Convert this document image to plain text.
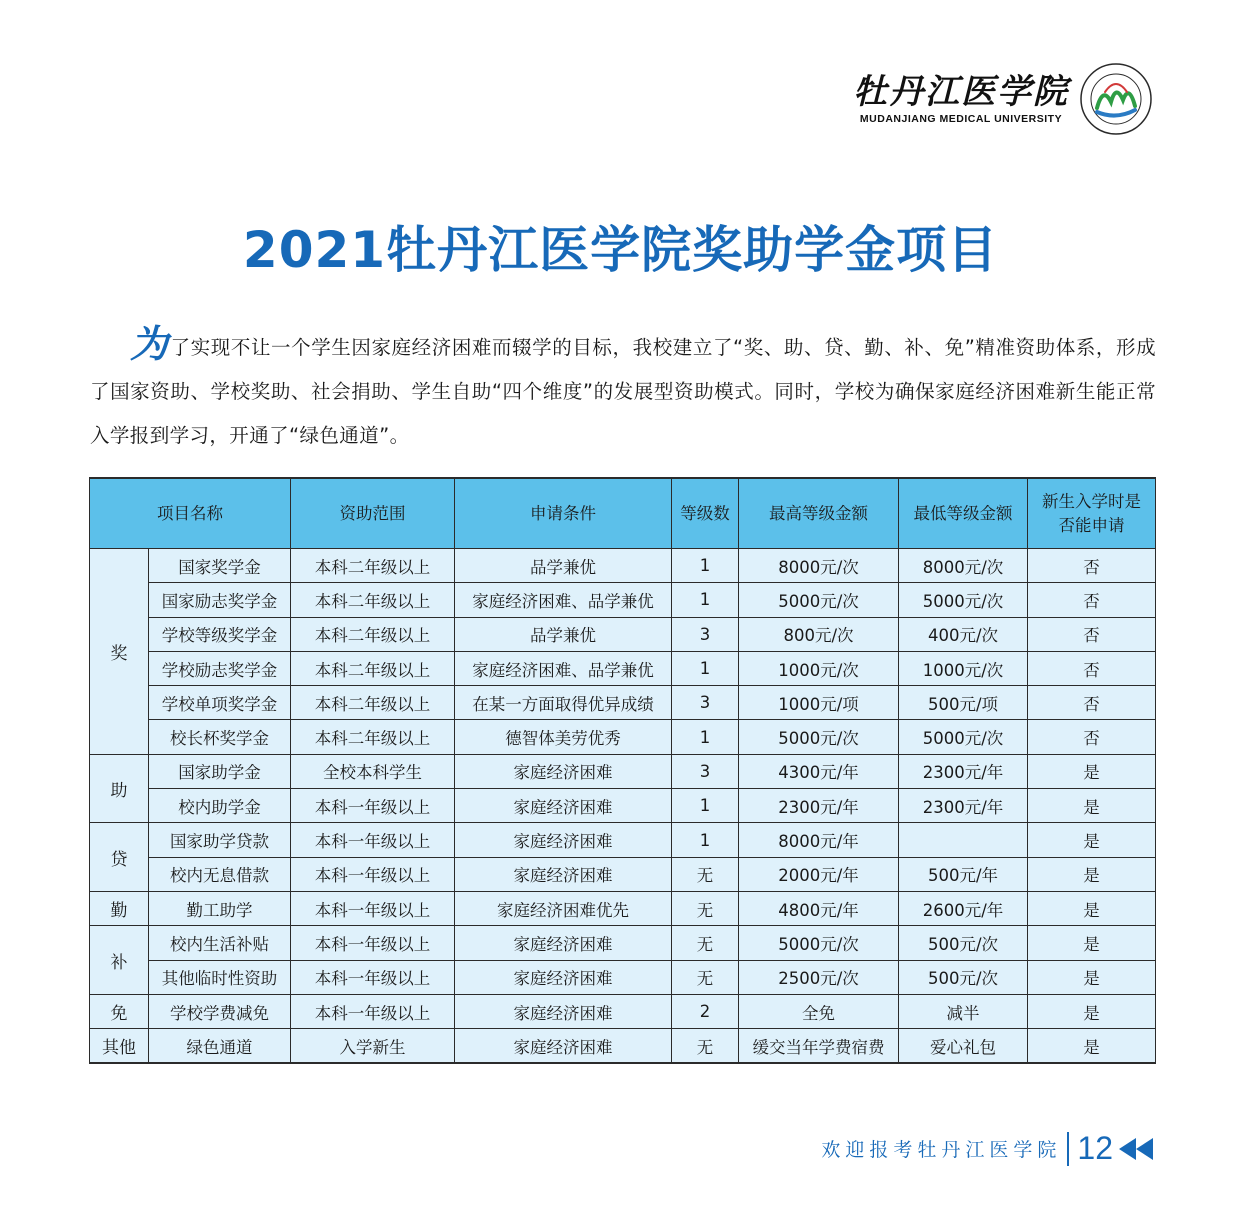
牡丹江医学院
MUDANJIANG MEDICAL UNIVERSITY
2021牡丹江医学院奖助学金项目
为了实现不让一个学生因家庭经济困难而辍学的目标，我校建立了“奖、助、贷、勤、补、免”精准资助体系，形成了国家资助、学校奖助、社会捐助、学生自助“四个维度”的发展型资助模式。同时，学校为确保家庭经济困难新生能正常入学报到学习，开通了“绿色通道”。
项目名称		资助范围	申请条件	等级数	最高等级金额	最低等级金额	新生入学时是否能申请
奖	国家奖学金	本科二年级以上	品学兼优	1	8000元/次	8000元/次	否
	国家励志奖学金	本科二年级以上	家庭经济困难、品学兼优	1	5000元/次	5000元/次	否
	学校等级奖学金	本科二年级以上	品学兼优	3	800元/次	400元/次	否
	学校励志奖学金	本科二年级以上	家庭经济困难、品学兼优	1	1000元/次	1000元/次	否
	学校单项奖学金	本科二年级以上	在某一方面取得优异成绩	3	1000元/项	500元/项	否
	校长杯奖学金	本科二年级以上	德智体美劳优秀	1	5000元/次	5000元/次	否
助	国家助学金	全校本科学生	家庭经济困难	3	4300元/年	2300元/年	是
	校内助学金	本科一年级以上	家庭经济困难	1	2300元/年	2300元/年	是
贷	国家助学贷款	本科一年级以上	家庭经济困难	1	8000元/年		是
	校内无息借款	本科一年级以上	家庭经济困难	无	2000元/年	500元/年	是
勤	勤工助学	本科一年级以上	家庭经济困难优先	无	4800元/年	2600元/年	是
补	校内生活补贴	本科一年级以上	家庭经济困难	无	5000元/次	500元/次	是
	其他临时性资助	本科一年级以上	家庭经济困难	无	2500元/次	500元/次	是
免	学校学费减免	本科一年级以上	家庭经济困难	2	全免	减半	是
其他	绿色通道	入学新生	家庭经济困难	无	缓交当年学费宿费	爱心礼包	是
欢迎报考牡丹江医学院 12
